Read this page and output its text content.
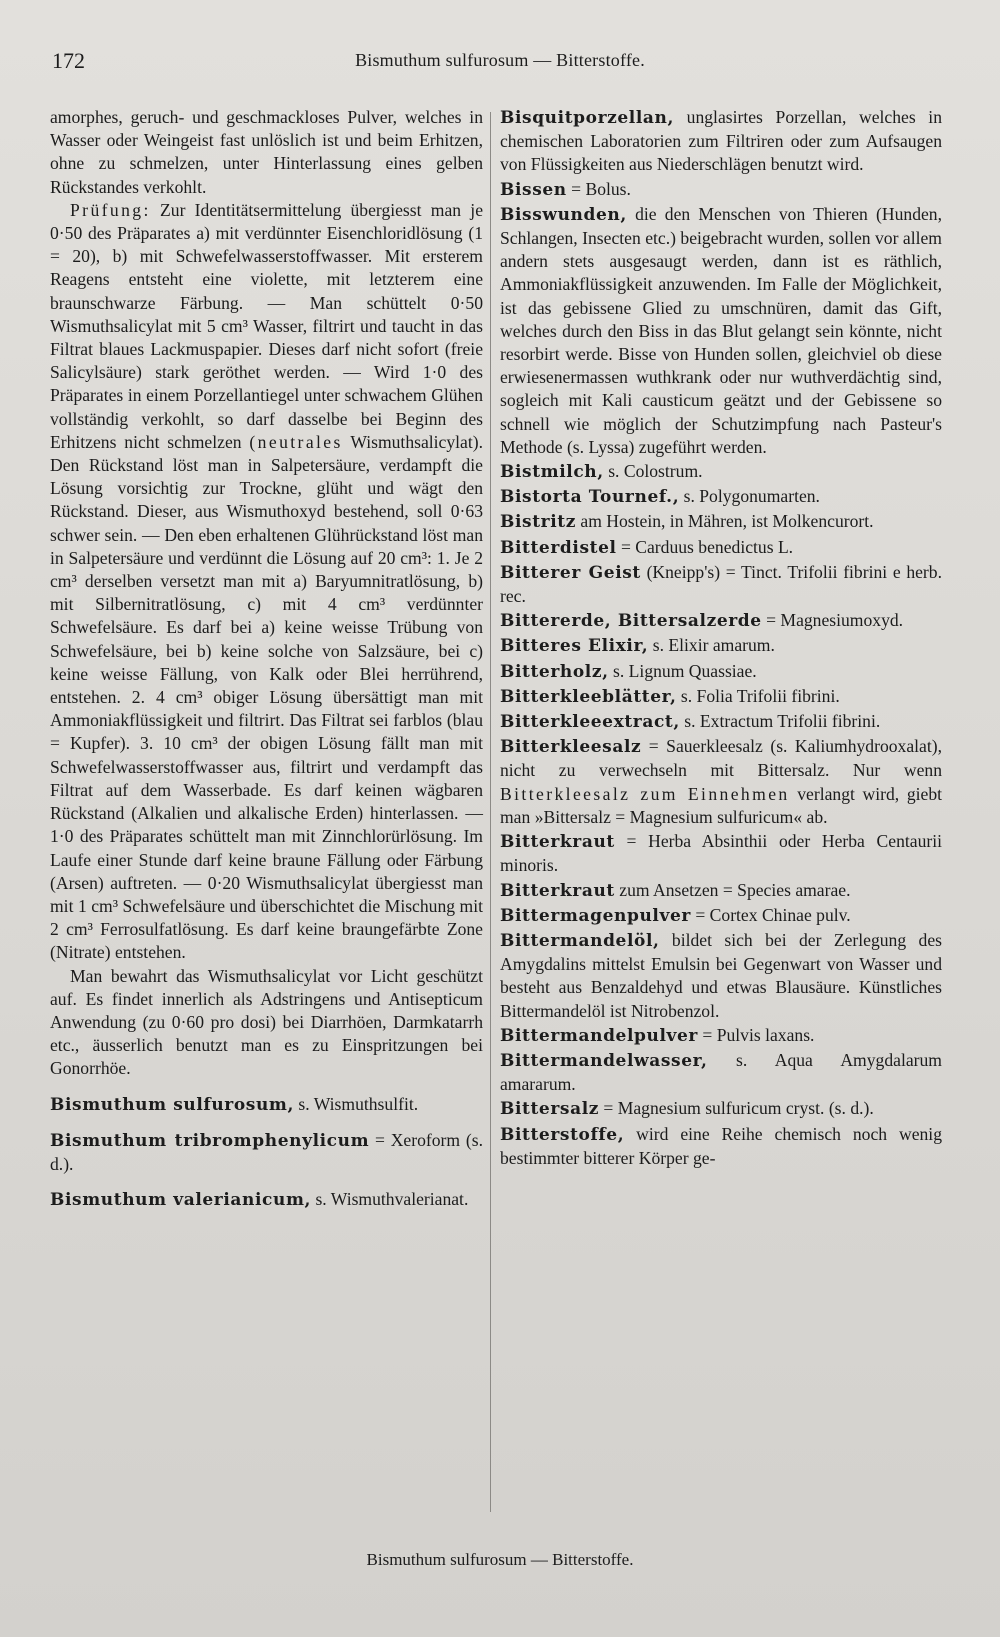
172	Bismuthum sulfurosum — Bitterstoffe.

amorphes, geruch- und geschmackloses Pulver, welches in Wasser oder Weingeist fast unlöslich ist und beim Erhitzen, ohne zu schmelzen, unter Hinterlassung eines gelben Rückstandes verkohlt.

Prüfung: Zur Identitätsermittelung übergiesst man je 0·50 des Präparates a) mit verdünnter Eisenchloridlösung (1 = 20), b) mit Schwefelwasserstoffwasser. Mit ersterem Reagens entsteht eine violette, mit letzterem eine braunschwarze Färbung. — Man schüttelt 0·50 Wismuthsalicylat mit 5 cm³ Wasser, filtrirt und taucht in das Filtrat blaues Lackmuspapier. Dieses darf nicht sofort (freie Salicylsäure) stark geröthet werden. — Wird 1·0 des Präparates in einem Porzellantiegel unter schwachem Glühen vollständig verkohlt, so darf dasselbe bei Beginn des Erhitzens nicht schmelzen (neutrales Wismuthsalicylat). Den Rückstand löst man in Salpetersäure, verdampft die Lösung vorsichtig zur Trockne, glüht und wägt den Rückstand. Dieser, aus Wismuthoxyd bestehend, soll 0·63 schwer sein. — Den eben erhaltenen Glührückstand löst man in Salpetersäure und verdünnt die Lösung auf 20 cm³: 1. Je 2 cm³ derselben versetzt man mit a) Baryumnitratlösung, b) mit Silbernitratlösung, c) mit 4 cm³ verdünnter Schwefelsäure. Es darf bei a) keine weisse Trübung von Schwefelsäure, bei b) keine solche von Salzsäure, bei c) keine weisse Fällung, von Kalk oder Blei herrührend, entstehen. 2. 4 cm³ obiger Lösung übersättigt man mit Ammoniakflüssigkeit und filtrirt. Das Filtrat sei farblos (blau = Kupfer). 3. 10 cm³ der obigen Lösung fällt man mit Schwefelwasserstoffwasser aus, filtrirt und verdampft das Filtrat auf dem Wasserbade. Es darf keinen wägbaren Rückstand (Alkalien und alkalische Erden) hinterlassen. — 1·0 des Präparates schüttelt man mit Zinnchlorürlösung. Im Laufe einer Stunde darf keine braune Fällung oder Färbung (Arsen) auftreten. — 0·20 Wismuthsalicylat übergiesst man mit 1 cm³ Schwefelsäure und überschichtet die Mischung mit 2 cm³ Ferrosulfatlösung. Es darf keine braungefärbte Zone (Nitrate) entstehen.

Man bewahrt das Wismuthsalicylat vor Licht geschützt auf. Es findet innerlich als Adstringens und Antisepticum Anwendung (zu 0·60 pro dosi) bei Diarrhöen, Darmkatarrh etc., äusserlich benutzt man es zu Einspritzungen bei Gonorrhöe.

Bismuthum sulfurosum, s. Wismuthsulfit.

Bismuthum tribromphenylicum = Xeroform (s. d.).

Bismuthum valerianicum, s. Wismuthvalerianat.

Bisquitporzellan, unglasirtes Porzellan, welches in chemischen Laboratorien zum Filtriren oder zum Aufsaugen von Flüssigkeiten aus Niederschlägen benutzt wird.

Bissen = Bolus.

Bisswunden, die den Menschen von Thieren (Hunden, Schlangen, Insecten etc.) beigebracht wurden, sollen vor allem andern stets ausgesaugt werden, dann ist es räthlich, Ammoniakflüssigkeit anzuwenden. Im Falle der Möglichkeit, ist das gebissene Glied zu umschnüren, damit das Gift, welches durch den Biss in das Blut gelangt sein könnte, nicht resorbirt werde. Bisse von Hunden sollen, gleichviel ob diese erwiesenermassen wuthkrank oder nur wuthverdächtig sind, sogleich mit Kali causticum geätzt und der Gebissene so schnell wie möglich der Schutzimpfung nach Pasteur's Methode (s. Lyssa) zugeführt werden.

Bistmilch, s. Colostrum.

Bistorta Tournef., s. Polygonumarten.

Bistritz am Hostein, in Mähren, ist Molkencurort.

Bitterdistel = Carduus benedictus L.

Bitterer Geist (Kneipp's) = Tinct. Trifolii fibrini e herb. rec.

Bittererde, Bittersalzerde = Magnesiumoxyd.

Bitteres Elixir, s. Elixir amarum.

Bitterholz, s. Lignum Quassiae.

Bitterkleeblätter, s. Folia Trifolii fibrini.

Bitterkleeextract, s. Extractum Trifolii fibrini.

Bitterkleesalz = Sauerkleesalz (s. Kaliumhydrooxalat), nicht zu verwechseln mit Bittersalz. Nur wenn Bitterkleesalz zum Einnehmen verlangt wird, giebt man »Bittersalz = Magnesium sulfuricum« ab.

Bitterkraut = Herba Absinthii oder Herba Centaurii minoris.

Bitterkraut zum Ansetzen = Species amarae.

Bittermagenpulver = Cortex Chinae pulv.

Bittermandelöl, bildet sich bei der Zerlegung des Amygdalins mittelst Emulsin bei Gegenwart von Wasser und besteht aus Benzaldehyd und etwas Blausäure. Künstliches Bittermandelöl ist Nitrobenzol.

Bittermandelpulver = Pulvis laxans.

Bittermandelwasser, s. Aqua Amygdalarum amararum.

Bittersalz = Magnesium sulfuricum cryst. (s. d.).

Bitterstoffe, wird eine Reihe chemisch noch wenig bestimmter bitterer Körper ge-

Bismuthum sulfurosum — Bitterstoffe.
